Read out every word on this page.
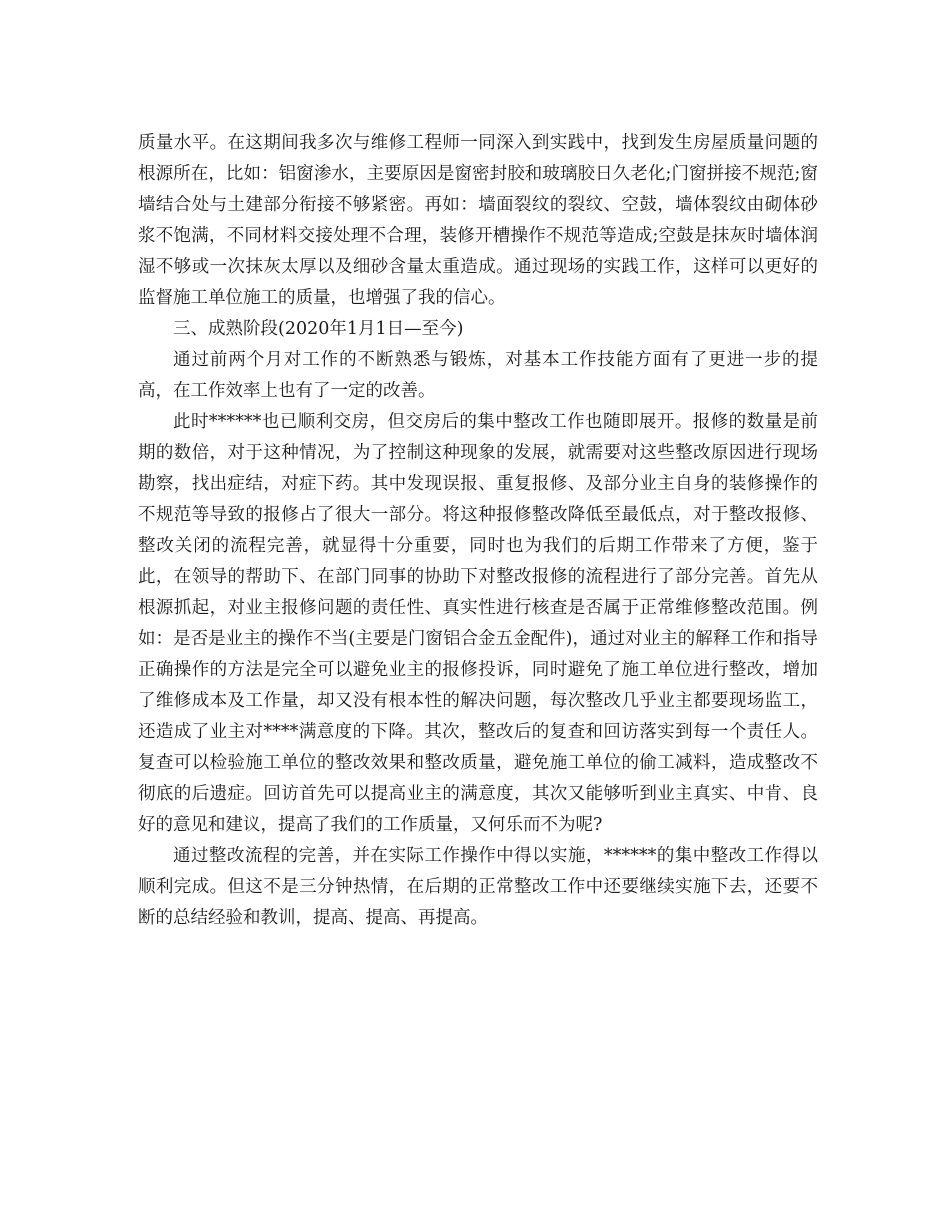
质量水平。在这期间我多次与维修工程师一同深入到实践中，找到发生房屋质量问题的根源所在，比如：铝窗渗水，主要原因是窗密封胶和玻璃胶日久老化;门窗拼接不规范;窗墙结合处与土建部分衔接不够紧密。再如：墙面裂纹的裂纹、空鼓，墙体裂纹由砌体砂浆不饱满，不同材料交接处理不合理，装修开槽操作不规范等造成;空鼓是抹灰时墙体润湿不够或一次抹灰太厚以及细砂含量太重造成。通过现场的实践工作，这样可以更好的监督施工单位施工的质量，也增强了我的信心。

三、成熟阶段(2020年1月1日—至今)

通过前两个月对工作的不断熟悉与锻炼，对基本工作技能方面有了更进一步的提高，在工作效率上也有了一定的改善。

此时******也已顺利交房，但交房后的集中整改工作也随即展开。报修的数量是前期的数倍，对于这种情况，为了控制这种现象的发展，就需要对这些整改原因进行现场勘察，找出症结，对症下药。其中发现误报、重复报修、及部分业主自身的装修操作的不规范等导致的报修占了很大一部分。将这种报修整改降低至最低点，对于整改报修、整改关闭的流程完善，就显得十分重要，同时也为我们的后期工作带来了方便，鉴于此，在领导的帮助下、在部门同事的协助下对整改报修的流程进行了部分完善。首先从根源抓起，对业主报修问题的责任性、真实性进行核查是否属于正常维修整改范围。例如：是否是业主的操作不当(主要是门窗铝合金五金配件)，通过对业主的解释工作和指导正确操作的方法是完全可以避免业主的报修投诉，同时避免了施工单位进行整改，增加了维修成本及工作量，却又没有根本性的解决问题，每次整改几乎业主都要现场监工，还造成了业主对****满意度的下降。其次，整改后的复查和回访落实到每一个责任人。复查可以检验施工单位的整改效果和整改质量，避免施工单位的偷工减料，造成整改不彻底的后遗症。回访首先可以提高业主的满意度，其次又能够听到业主真实、中肯、良好的意见和建议，提高了我们的工作质量，又何乐而不为呢?

通过整改流程的完善，并在实际工作操作中得以实施，******的集中整改工作得以顺利完成。但这不是三分钟热情，在后期的正常整改工作中还要继续实施下去，还要不断的总结经验和教训，提高、提高、再提高。
